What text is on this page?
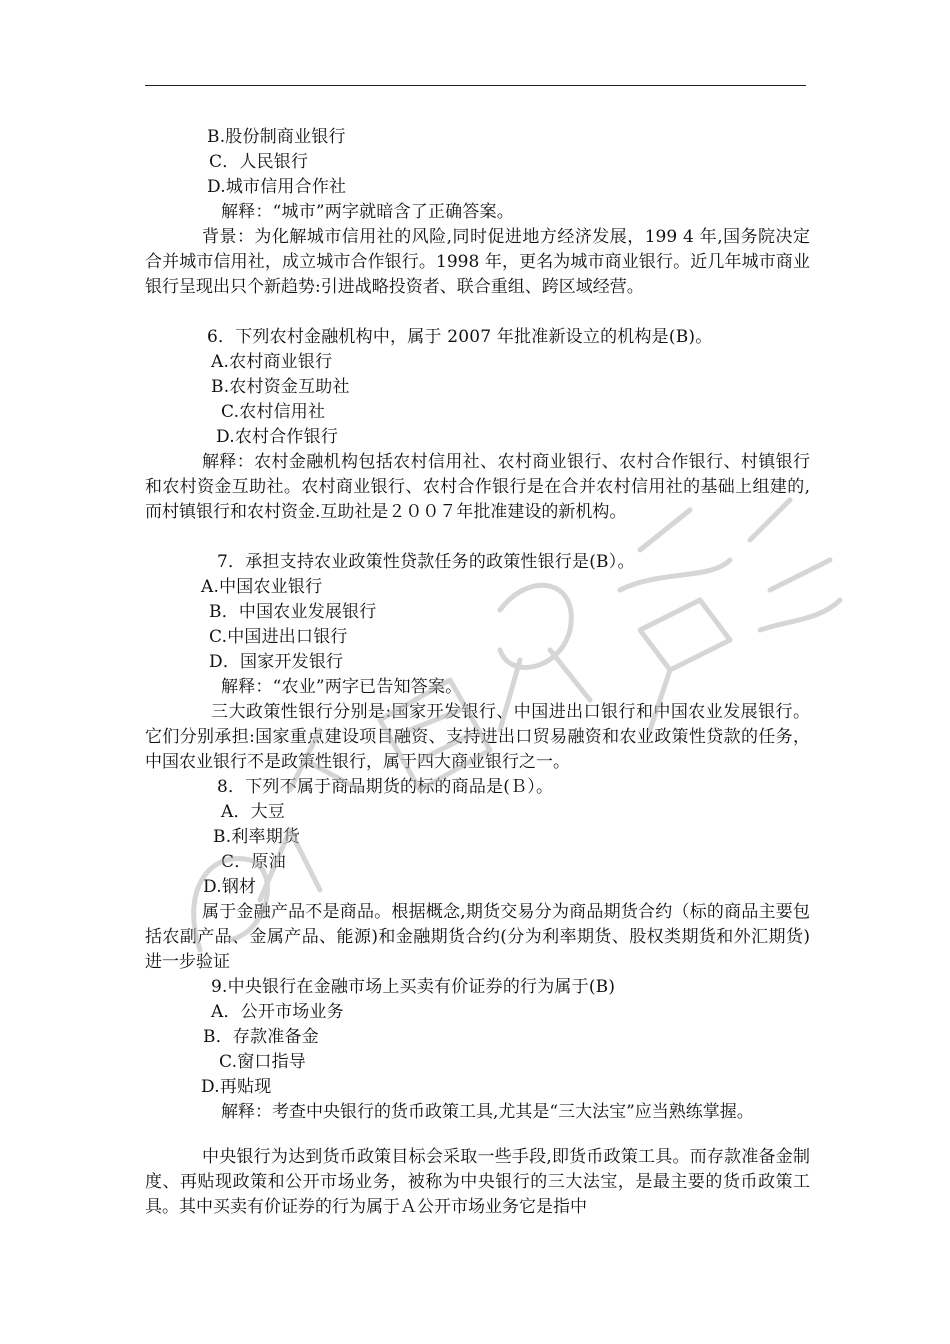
B.股份制商业银行
C．人民银行
D.城市信用合作社
解释：“城市”两字就暗含了正确答案。
背景：为化解城市信用社的风险,同时促进地方经济发展，199 4 年,国务院决定合并城市信用社，成立城市合作银行。1998 年，更名为城市商业银行。近几年城市商业银行呈现出只个新趋势:引进战略投资者、联合重组、跨区域经营。
6．下列农村金融机构中，属于 2007 年批准新设立的机构是(B)。
A.农村商业银行
B.农村资金互助社
C.农村信用社
D.农村合作银行
解释：农村金融机构包括农村信用社、农村商业银行、农村合作银行、村镇银行和农村资金互助社。农村商业银行、农村合作银行是在合并农村信用社的基础上组建的,而村镇银行和农村资金.互助社是２００７年批准建设的新机构。
7．承担支持农业政策性贷款任务的政策性银行是(B）。
A.中国农业银行
B．中国农业发展银行
C.中国进出口银行
D．国家开发银行
解释：“农业”两字已告知答案。
三大政策性银行分别是:国家开发银行、中国进出口银行和中国农业发展银行。它们分别承担:国家重点建设项目融资、支持进出口贸易融资和农业政策性贷款的任务，中国农业银行不是政策性银行，属于四大商业银行之一。
8．下列不属于商品期货的标的商品是(Ｂ）。
A．大豆
B.利率期货
C．原油
D.钢材
属于金融产品不是商品。根据概念,期货交易分为商品期货合约（标的商品主要包括农副产品、金属产品、能源)和金融期货合约(分为利率期货、股权类期货和外汇期货)进一步验证
9.中央银行在金融市场上买卖有价证券的行为属于(B)
A．公开市场业务
B．存款准备金
C.窗口指导
D.再贴现
解释：考查中央银行的货币政策工具,尤其是“三大法宝”应当熟练掌握。
中央银行为达到货币政策目标会采取一些手段,即货币政策工具。而存款准备金制度、再贴现政策和公开市场业务，被称为中央银行的三大法宝，是最主要的货币政策工具。其中买卖有价证券的行为属于Ａ公开市场业务它是指中
